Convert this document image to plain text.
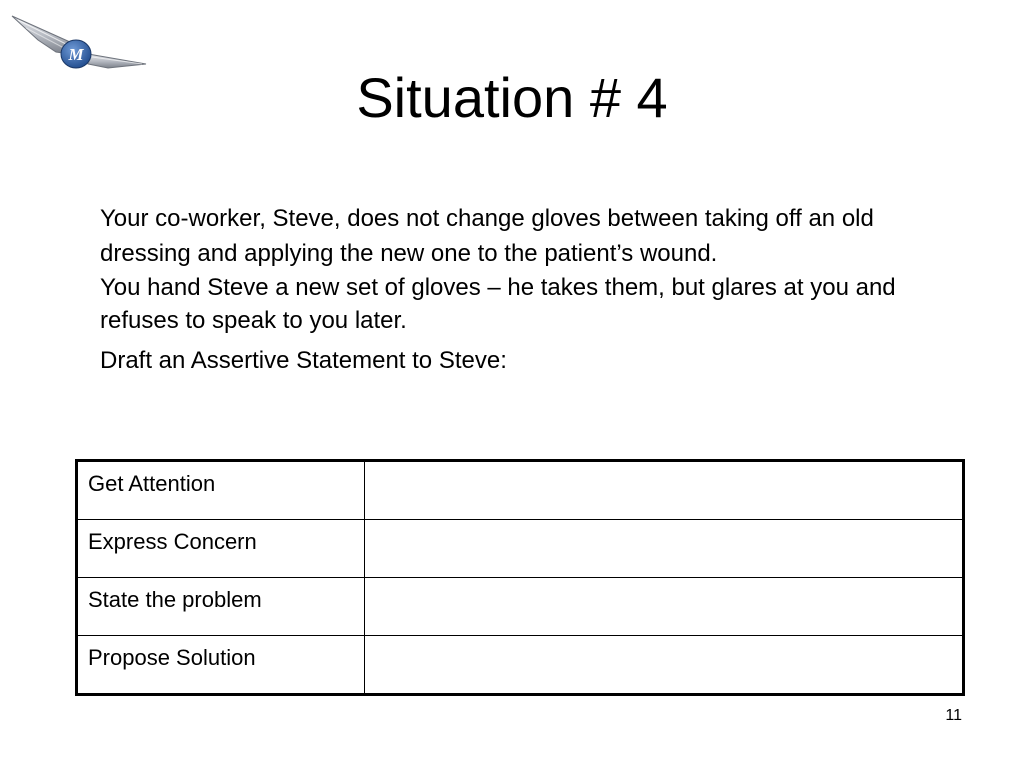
M
Situation # 4

Your co-worker, Steve, does not change gloves between taking off an old dressing and applying the new one to the patient’s wound.

You hand Steve a new set of gloves – he takes them, but glares at you and refuses to speak to you later.

Draft an Assertive Statement to Steve:

Get Attention	
Express Concern	
State the problem	
Propose Solution	
11
